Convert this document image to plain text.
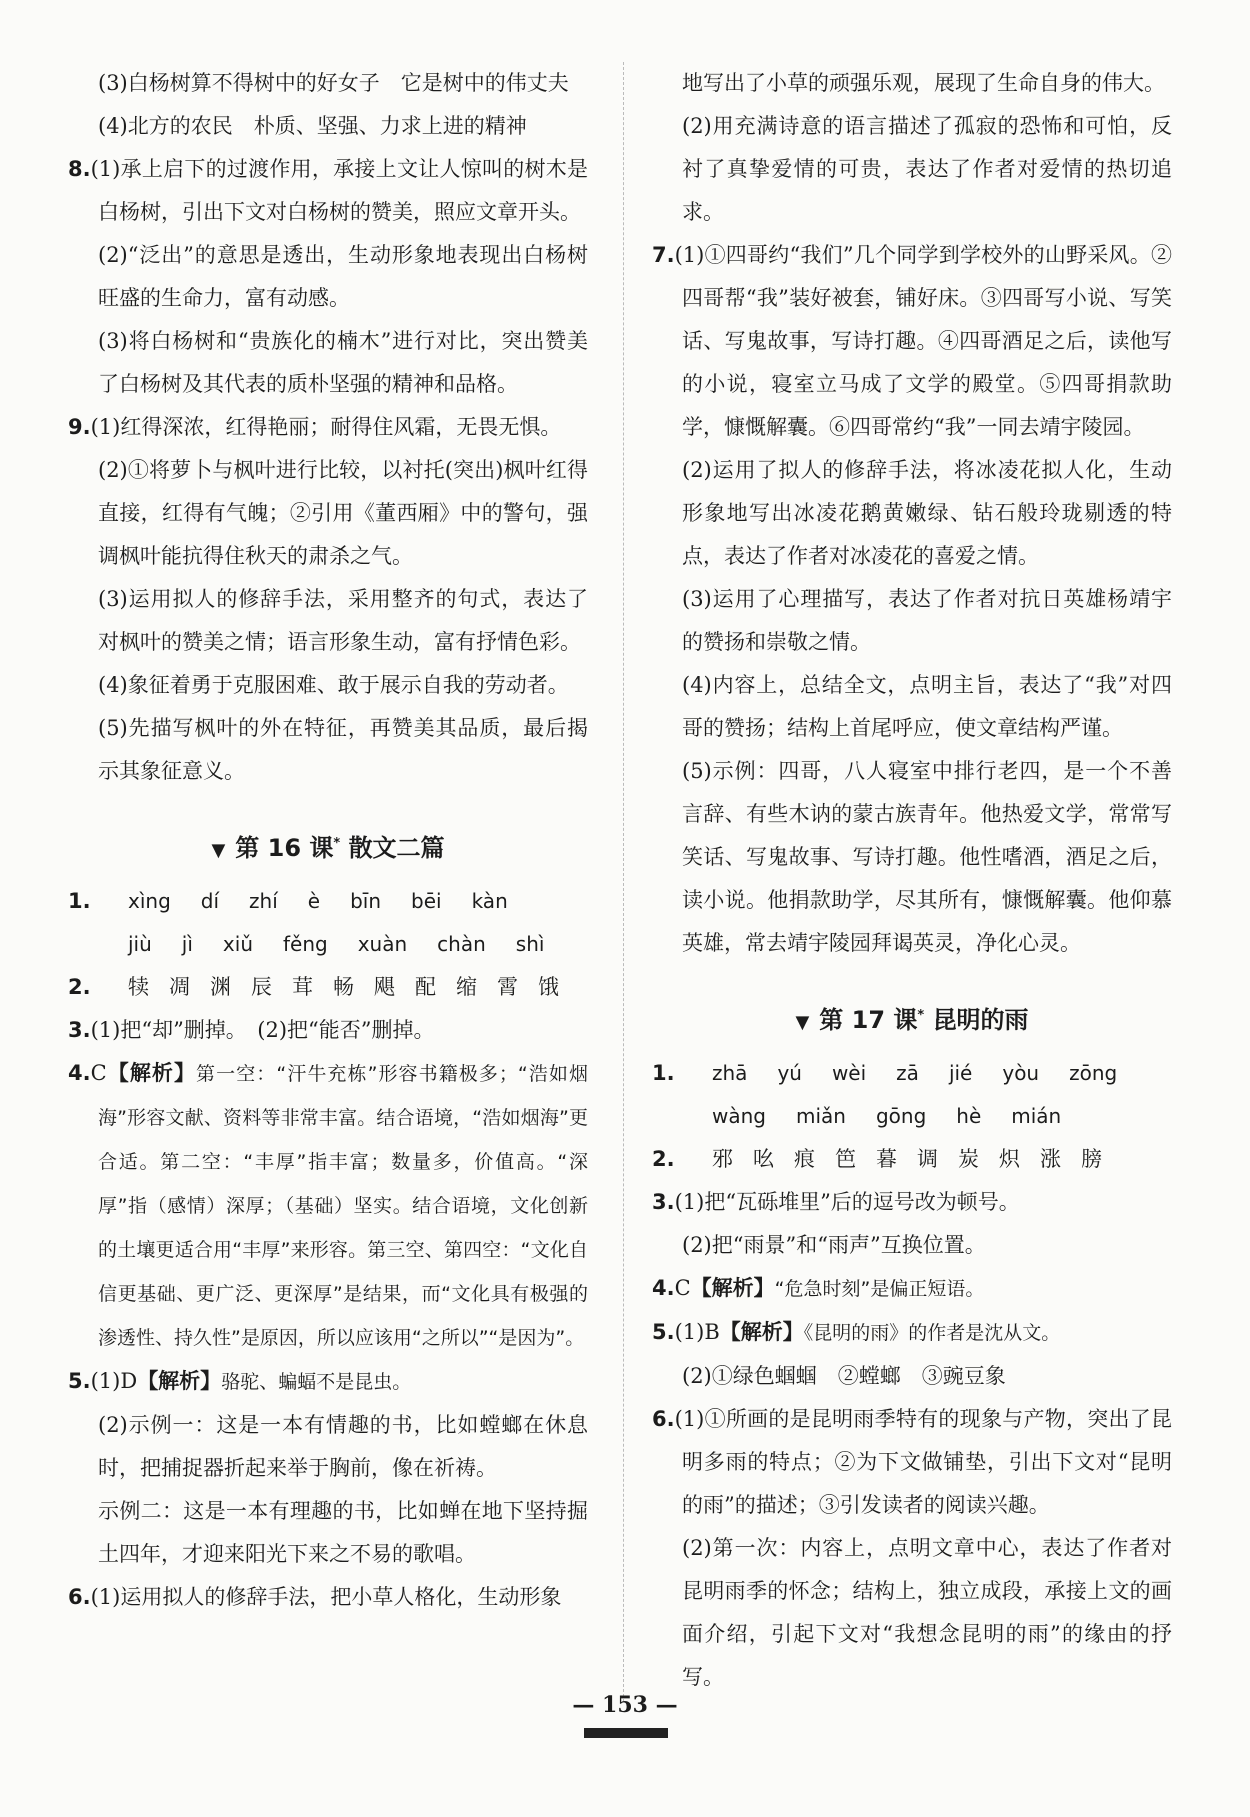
(3)白杨树算不得树中的好女子　它是树中的伟丈夫

(4)北方的农民　朴质、坚强、力求上进的精神

8.(1)承上启下的过渡作用，承接上文让人惊叫的树木是白杨树，引出下文对白杨树的赞美，照应文章开头。

(2)“泛出”的意思是透出，生动形象地表现出白杨树旺盛的生命力，富有动感。

(3)将白杨树和“贵族化的楠木”进行对比，突出赞美了白杨树及其代表的质朴坚强的精神和品格。

9.(1)红得深浓，红得艳丽；耐得住风霜，无畏无惧。

(2)①将萝卜与枫叶进行比较，以衬托(突出)枫叶红得直接，红得有气魄；②引用《董西厢》中的警句，强调枫叶能抗得住秋天的肃杀之气。

(3)运用拟人的修辞手法，采用整齐的句式，表达了对枫叶的赞美之情；语言形象生动，富有抒情色彩。

(4)象征着勇于克服困难、敢于展示自我的劳动者。

(5)先描写枫叶的外在特征，再赞美其品质，最后揭示其象征意义。

▼ 第 16 课* 散文二篇
1.	xìng dí zhí è bīn bēi kàn
jiù jì xiǔ fěng xuàn chàn shì
2.	犊 凋 渊 辰 茸 畅 飓 配 缩 霄 饿

3.(1)把“却”删掉。　(2)把“能否”删掉。

4.C【解析】第一空：“汗牛充栋”形容书籍极多；“浩如烟海”形容文献、资料等非常丰富。结合语境，“浩如烟海”更合适。第二空：“丰厚”指丰富；数量多，价值高。“深厚”指（感情）深厚；（基础）坚实。结合语境，文化创新的土壤更适合用“丰厚”来形容。第三空、第四空：“文化自信更基础、更广泛、更深厚”是结果，而“文化具有极强的渗透性、持久性”是原因，所以应该用“之所以”“是因为”。

5.(1)D【解析】骆驼、蝙蝠不是昆虫。

(2)示例一：这是一本有情趣的书，比如螳螂在休息时，把捕捉器折起来举于胸前，像在祈祷。

示例二：这是一本有理趣的书，比如蝉在地下坚持掘土四年，才迎来阳光下来之不易的歌唱。

6.(1)运用拟人的修辞手法，把小草人格化，生动形象

地写出了小草的顽强乐观，展现了生命自身的伟大。

(2)用充满诗意的语言描述了孤寂的恐怖和可怕，反衬了真挚爱情的可贵，表达了作者对爱情的热切追求。

7.(1)①四哥约“我们”几个同学到学校外的山野采风。②四哥帮“我”装好被套，铺好床。③四哥写小说、写笑话、写鬼故事，写诗打趣。④四哥酒足之后，读他写的小说，寝室立马成了文学的殿堂。⑤四哥捐款助学，慷慨解囊。⑥四哥常约“我”一同去靖宇陵园。

(2)运用了拟人的修辞手法，将冰凌花拟人化，生动形象地写出冰凌花鹅黄嫩绿、钻石般玲珑剔透的特点，表达了作者对冰凌花的喜爱之情。

(3)运用了心理描写，表达了作者对抗日英雄杨靖宇的赞扬和崇敬之情。

(4)内容上，总结全文，点明主旨，表达了“我”对四哥的赞扬；结构上首尾呼应，使文章结构严谨。

(5)示例：四哥，八人寝室中排行老四，是一个不善言辞、有些木讷的蒙古族青年。他热爱文学，常常写笑话、写鬼故事、写诗打趣。他性嗜酒，酒足之后，读小说。他捐款助学，尽其所有，慷慨解囊。他仰慕英雄，常去靖宇陵园拜谒英灵，净化心灵。

▼ 第 17 课* 昆明的雨
1.	zhā yú wèi zā jié yòu zōng
wàng miǎn gōng hè mián
2.	邪 吆 痕 笆 暮 调 炭 炽 涨 膀

3.(1)把“瓦砾堆里”后的逗号改为顿号。

(2)把“雨景”和“雨声”互换位置。

4.C【解析】“危急时刻”是偏正短语。

5.(1)B【解析】《昆明的雨》的作者是沈从文。

(2)①绿色蝈蝈　②螳螂　③豌豆象

6.(1)①所画的是昆明雨季特有的现象与产物，突出了昆明多雨的特点；②为下文做铺垫，引出下文对“昆明的雨”的描述；③引发读者的阅读兴趣。

(2)第一次：内容上，点明文章中心，表达了作者对昆明雨季的怀念；结构上，独立成段，承接上文的画面介绍，引起下文对“我想念昆明的雨”的缘由的抒写。

— 153 —
